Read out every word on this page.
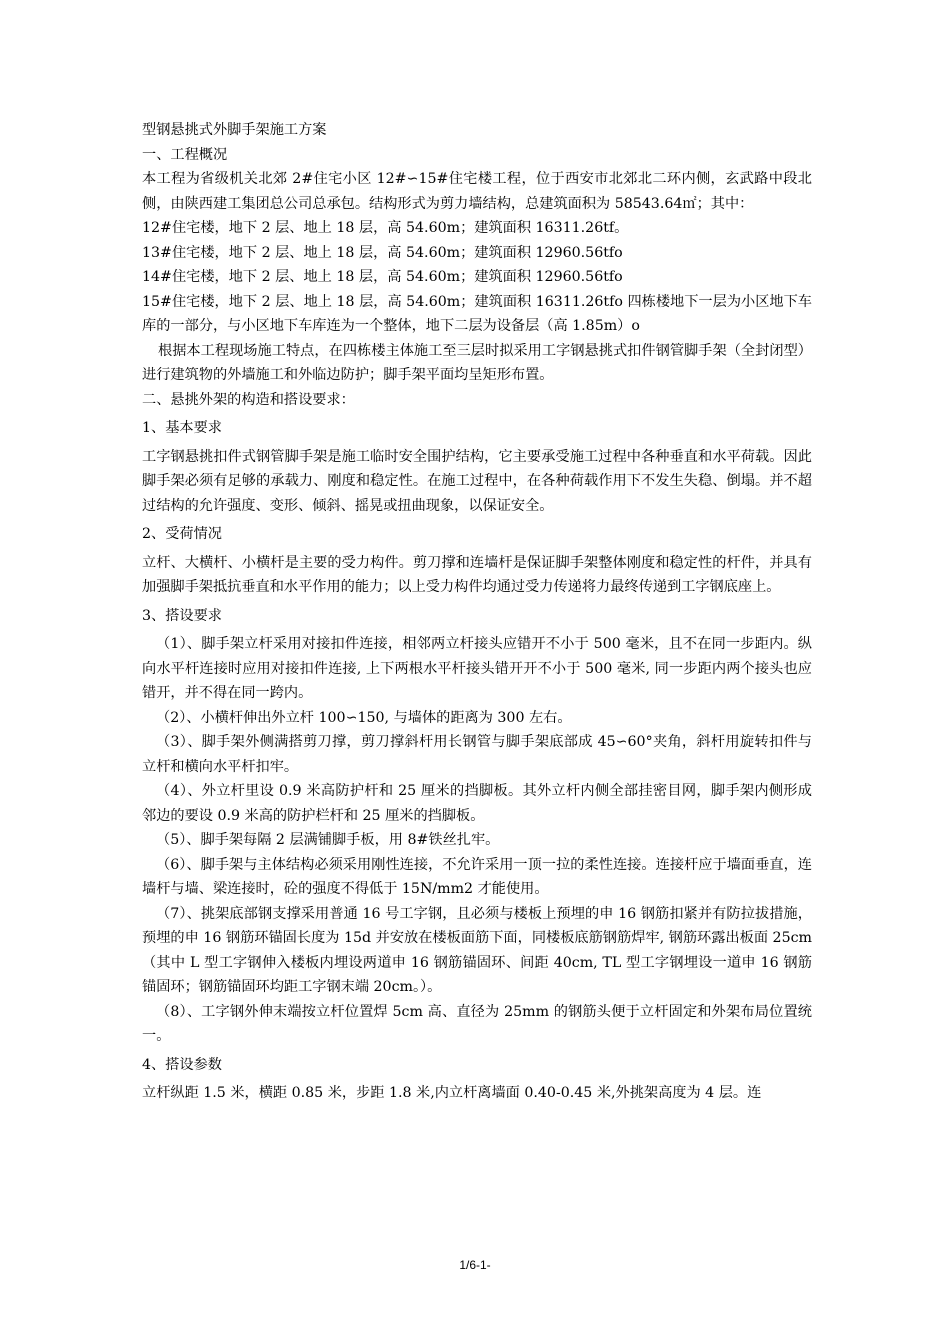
型钢悬挑式外脚手架施工方案

一、工程概况

本工程为省级机关北郊 2#住宅小区 12#∽15#住宅楼工程，位于西安市北郊北二环内侧，玄武路中段北侧，由陕西建工集团总公司总承包。结构形式为剪力墙结构，总建筑面积为 58543.64㎡；其中：

12#住宅楼，地下 2 层、地上 18 层，高 54.60m；建筑面积 16311.26tf。

13#住宅楼，地下 2 层、地上 18 层，高 54.60m；建筑面积 12960.56tfo

14#住宅楼，地下 2 层、地上 18 层，高 54.60m；建筑面积 12960.56tfo

15#住宅楼，地下 2 层、地上 18 层，高 54.60m；建筑面积 16311.26tfo 四栋楼地下一层为小区地下车库的一部分，与小区地下车库连为一个整体，地下二层为设备层（高 1.85m）o

根据本工程现场施工特点，在四栋楼主体施工至三层时拟采用工字钢悬挑式扣件钢管脚手架（全封闭型）进行建筑物的外墙施工和外临边防护；脚手架平面均呈矩形布置。

二、悬挑外架的构造和搭设要求：

1、基本要求

工字钢悬挑扣件式钢管脚手架是施工临时安全围护结构，它主要承受施工过程中各种垂直和水平荷载。因此脚手架必须有足够的承载力、刚度和稳定性。在施工过程中，在各种荷载作用下不发生失稳、倒塌。并不超过结构的允许强度、变形、倾斜、摇晃或扭曲现象，以保证安全。

2、受荷情况

立杆、大横杆、小横杆是主要的受力构件。剪刀撑和连墙杆是保证脚手架整体刚度和稳定性的杆件，并具有加强脚手架抵抗垂直和水平作用的能力；以上受力构件均通过受力传递将力最终传递到工字钢底座上。

3、搭设要求

（1）、脚手架立杆采用对接扣件连接，相邻两立杆接头应错开不小于 500 毫米，且不在同一步距内。纵向水平杆连接时应用对接扣件连接, 上下两根水平杆接头错开开不小于 500 毫米, 同一步距内两个接头也应错开，并不得在同一跨内。

（2）、小横杆伸出外立杆 100∽150, 与墙体的距离为 300 左右。

（3）、脚手架外侧满搭剪刀撑，剪刀撑斜杆用长钢管与脚手架底部成 45∽60°夹角，斜杆用旋转扣件与立杆和横向水平杆扣牢。

（4）、外立杆里设 0.9 米高防护杆和 25 厘米的挡脚板。其外立杆内侧全部挂密目网，脚手架内侧形成邻边的要设 0.9 米高的防护栏杆和 25 厘米的挡脚板。

（5）、脚手架每隔 2 层满铺脚手板，用 8#铁丝扎牢。

（6）、脚手架与主体结构必须采用刚性连接，不允许采用一顶一拉的柔性连接。连接杆应于墙面垂直，连墙杆与墙、梁连接时，砼的强度不得低于 15N/mm2 才能使用。

（7）、挑架底部钢支撑采用普通 16 号工字钢，且必须与楼板上预埋的申 16 钢筋扣紧并有防拉拔措施，预埋的申 16 钢筋环锚固长度为 15d 并安放在楼板面筋下面，同楼板底筋钢筋焊牢, 钢筋环露出板面 25cm（其中 L 型工字钢伸入楼板内埋设两道申 16 钢筋锚固环、间距 40cm, TL 型工字钢埋设一道申 16 钢筋锚固环；钢筋锚固环均距工字钢末端 20cm。）。

（8）、工字钢外伸末端按立杆位置焊 5cm 高、直径为 25mm 的钢筋头便于立杆固定和外架布局位置统一。

4、搭设参数

立杆纵距 1.5 米，横距 0.85 米，步距 1.8 米,内立杆离墙面 0.40-0.45 米,外挑架高度为 4 层。连

1/6-1-
